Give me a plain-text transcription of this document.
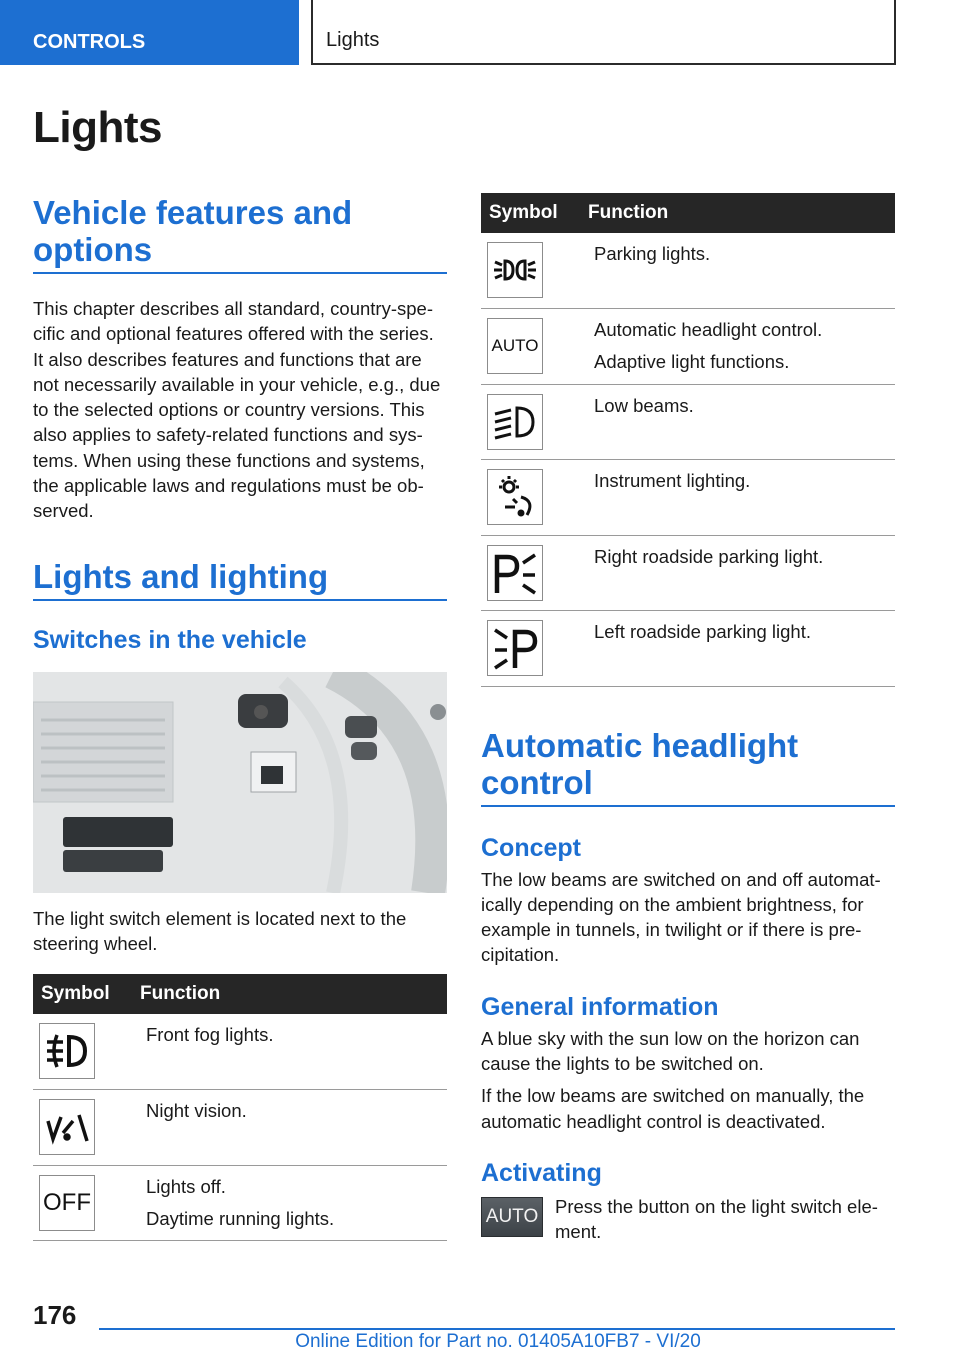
CONTROLS	Lights
Lights
Vehicle features and options

This chapter describes all standard, country-spe- cific and optional features offered with the series. It also describes features and functions that are not necessarily available in your vehicle, e.g., due to the selected options or country versions. This also applies to safety-related functions and sys- tems. When using these functions and systems, the applicable laws and regulations must be ob- served.

Lights and lighting
Switches in the vehicle

The light switch element is located next to the steering wheel.

Symbol	Function

Front fog lights.

Night vision.

OFF	Lights off.
Daytime running lights.
Symbol	Function

Parking lights.

AUTO	Automatic headlight control.
Adaptive light functions.

Low beams.

Instrument lighting.

Right roadside parking light.

Left roadside parking light.
Automatic headlight control
Concept

The low beams are switched on and off automat- ically depending on the ambient brightness, for example in tunnels, in twilight or if there is pre- cipitation.

General information

A blue sky with the sun low on the horizon can cause the lights to be switched on.

If the low beams are switched on manually, the automatic headlight control is deactivated.

Activating
AUTO Press the button on the light switch ele- ment.

176
Online Edition for Part no. 01405A10FB7 - VI/20
